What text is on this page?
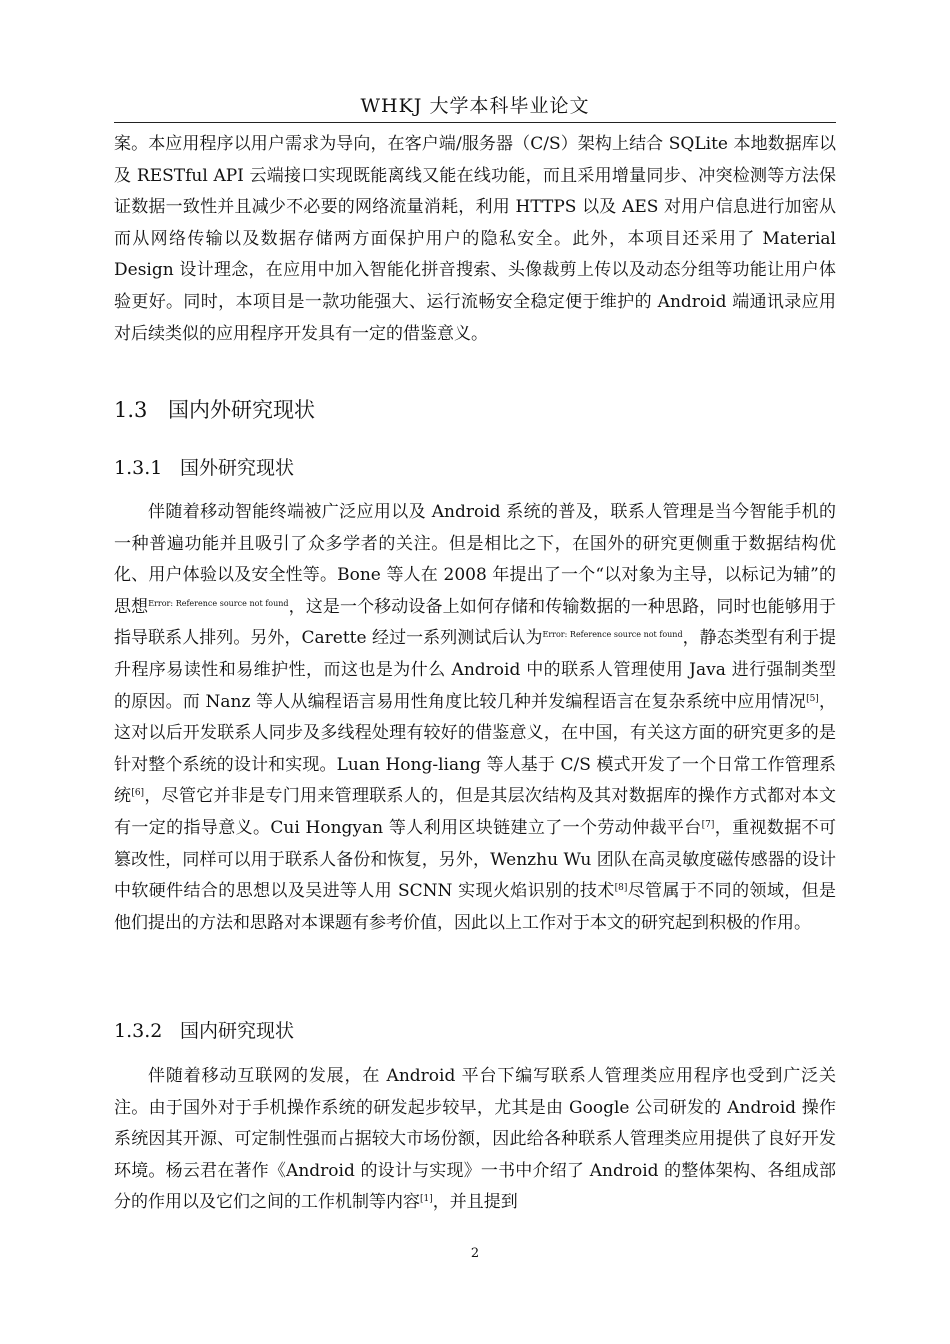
WHKJ 大学本科毕业论文
案。本应用程序以用户需求为导向，在客户端/服务器（C/S）架构上结合 SQLite 本地数据库以及 RESTful API 云端接口实现既能离线又能在线功能，而且采用增量同步、冲突检测等方法保证数据一致性并且减少不必要的网络流量消耗，利用 HTTPS 以及 AES 对用户信息进行加密从而从网络传输以及数据存储两方面保护用户的隐私安全。此外，本项目还采用了 Material Design 设计理念，在应用中加入智能化拼音搜索、头像裁剪上传以及动态分组等功能让用户体验更好。同时，本项目是一款功能强大、运行流畅安全稳定便于维护的 Android 端通讯录应用对后续类似的应用程序开发具有一定的借鉴意义。
1.3 国内外研究现状
1.3.1 国外研究现状
伴随着移动智能终端被广泛应用以及 Android 系统的普及，联系人管理是当今智能手机的一种普遍功能并且吸引了众多学者的关注。但是相比之下，在国外的研究更侧重于数据结构优化、用户体验以及安全性等。Bone 等人在 2008 年提出了一个“以对象为主导，以标记为辅”的思想$^{Error: Reference source not found}$，这是一个移动设备上如何存储和传输数据的一种思路，同时也能够用于指导联系人排列。另外，Carette 经过一系列测试后认为$^{Error: Reference source not found}$，静态类型有利于提升程序易读性和易维护性，而这也是为什么 Android 中的联系人管理使用 Java 进行强制类型的原因。而 Nanz 等人从编程语言易用性角度比较几种并发编程语言在复杂系统中应用情况[5]，这对以后开发联系人同步及多线程处理有较好的借鉴意义，在中国，有关这方面的研究更多的是针对整个系统的设计和实现。Luan Hong-liang 等人基于 C/S 模式开发了一个日常工作管理系统[6]，尽管它并非是专门用来管理联系人的，但是其层次结构及其对数据库的操作方式都对本文有一定的指导意义。Cui Hongyan 等人利用区块链建立了一个劳动仲裁平台[7]，重视数据不可篡改性，同样可以用于联系人备份和恢复，另外，Wenzhu Wu 团队在高灵敏度磁传感器的设计中软硬件结合的思想以及吴进等人用 SCNN 实现火焰识别的技术[8]尽管属于不同的领域，但是他们提出的方法和思路对本课题有参考价值，因此以上工作对于本文的研究起到积极的作用。
1.3.2 国内研究现状
伴随着移动互联网的发展，在 Android 平台下编写联系人管理类应用程序也受到广泛关注。由于国外对于手机操作系统的研发起步较早，尤其是由 Google 公司研发的 Android 操作系统因其开源、可定制性强而占据较大市场份额，因此给各种联系人管理类应用提供了良好开发环境。杨云君在著作《Android 的设计与实现》一书中介绍了 Android 的整体架构、各组成部分的作用以及它们之间的工作机制等内容[1]，并且提到
2
